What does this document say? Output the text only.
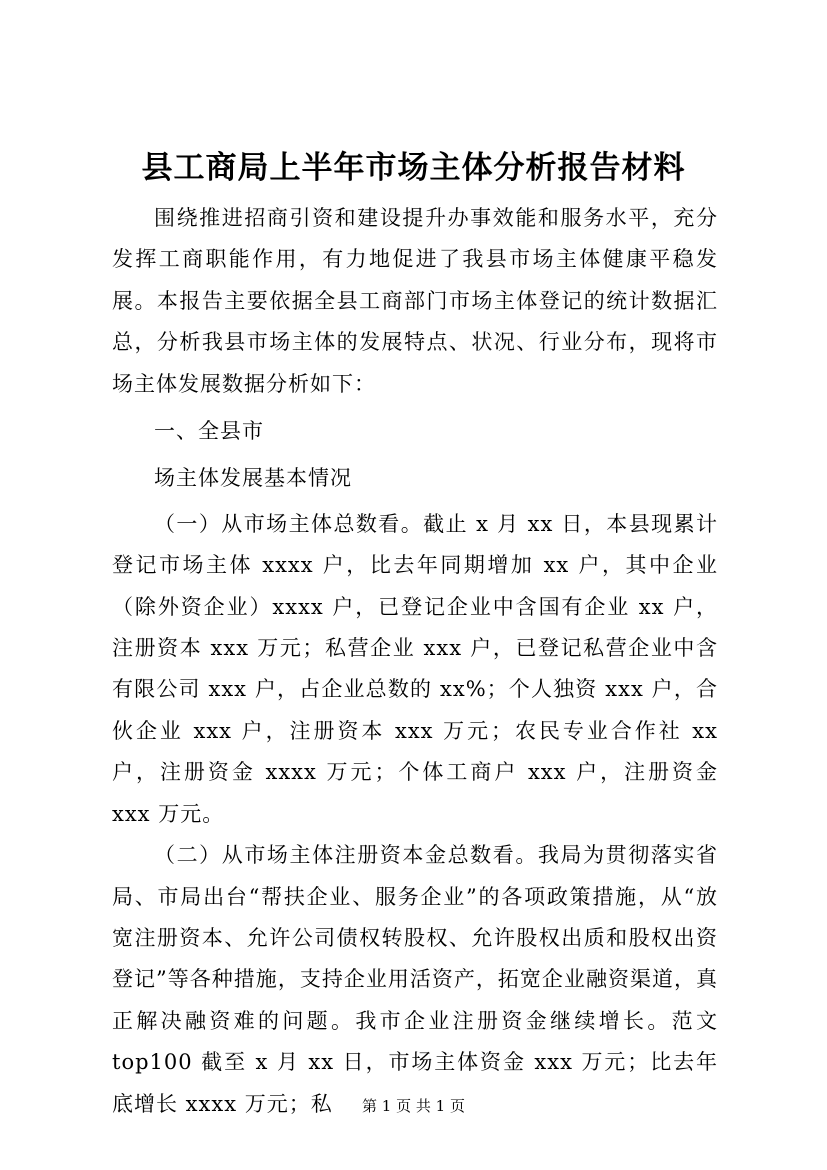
县工商局上半年市场主体分析报告材料

围绕推进招商引资和建设提升办事效能和服务水平，充分发挥工商职能作用，有力地促进了我县市场主体健康平稳发展。本报告主要依据全县工商部门市场主体登记的统计数据汇总，分析我县市场主体的发展特点、状况、行业分布，现将市场主体发展数据分析如下：

一、全县市

场主体发展基本情况

（一）从市场主体总数看。截止 x 月 xx 日，本县现累计登记市场主体 xxxx 户，比去年同期增加 xx 户，其中企业（除外资企业）xxxx 户，已登记企业中含国有企业 xx 户，注册资本 xxx 万元；私营企业 xxx 户，已登记私营企业中含有限公司 xxx 户，占企业总数的 xx%；个人独资 xxx 户，合伙企业 xxx 户，注册资本 xxx 万元；农民专业合作社 xx 户，注册资金 xxxx 万元；个体工商户 xxx 户，注册资金 xxx 万元。

（二）从市场主体注册资本金总数看。我局为贯彻落实省局、市局出台“帮扶企业、服务企业”的各项政策措施，从“放宽注册资本、允许公司债权转股权、允许股权出质和股权出资登记”等各种措施，支持企业用活资产，拓宽企业融资渠道，真正解决融资难的问题。我市企业注册资金继续增长。范文 top100 截至 x 月 xx 日，市场主体资金 xxx 万元；比去年底增长 xxxx 万元；私	第 1 页 共 1 页
